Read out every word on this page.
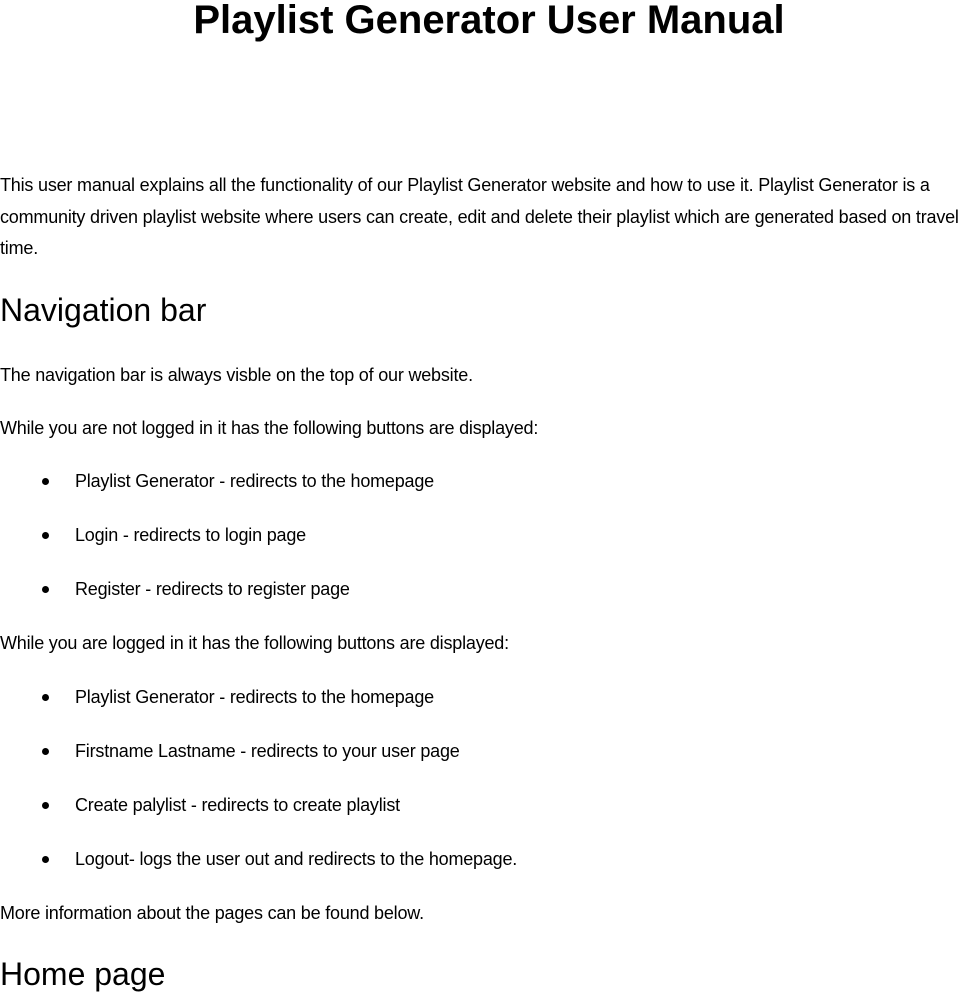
Playlist Generator User Manual

This user manual explains all the functionality of our Playlist Generator website and how to use it. Playlist Generator is a community driven playlist website where users can create, edit and delete their playlist which are generated based on travel time.

Navigation bar

The navigation bar is always visble on the top of our website.

While you are not logged in it has the following buttons are displayed:

Playlist Generator - redirects to the homepage
Login - redirects to login page
Register - redirects to register page

While you are logged in it has the following buttons are displayed:

Playlist Generator - redirects to the homepage
Firstname Lastname - redirects to your user page
Create palylist - redirects to create playlist
Logout- logs the user out and redirects to the homepage.

More information about the pages can be found below.

Home page
